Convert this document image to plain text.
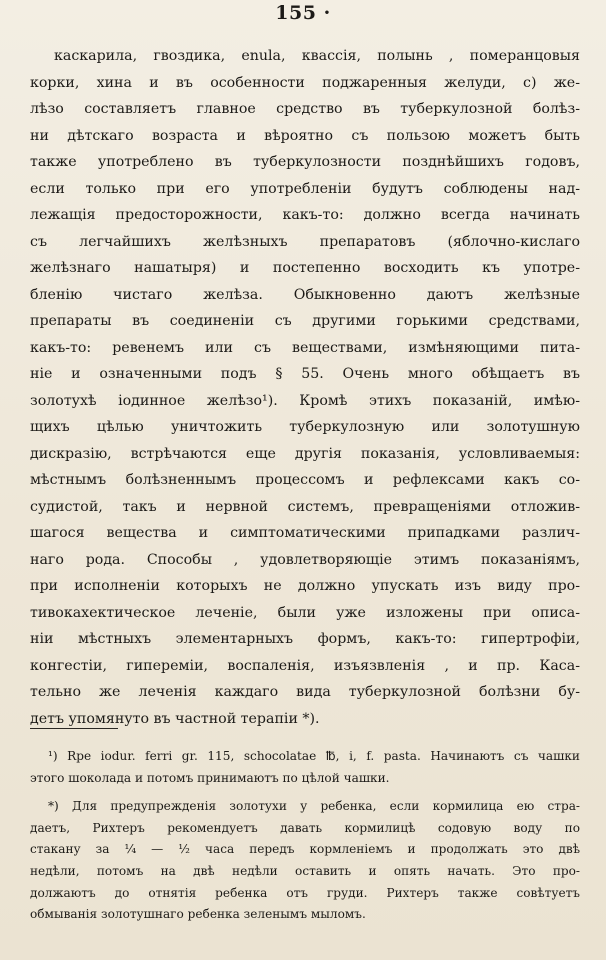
155 ·
каскарила, гвоздика, enula, квассія, полынь , померанцовыя
корки, хина и въ особенности поджаренныя желуди, с) же-
лѣзо составляетъ главное средство въ туберкулозной болѣз-
ни дѣтскаго возраста и вѣроятно съ пользою можетъ быть
также употреблено въ туберкулозности позднѣйшихъ годовъ,
если только при его употребленіи будутъ соблюдены над-
лежащія предосторожности, какъ-то: должно всегда начинать
съ легчайшихъ желѣзныхъ препаратовъ (яблочно-кислаго
желѣзнаго нашатыря) и постепенно восходить къ употре-
бленію чистаго желѣза. Обыкновенно даютъ желѣзные
препараты въ соединеніи съ другими горькими средствами,
какъ-то: ревенемъ или съ веществами, измѣняющими пита-
ніе и означенными подъ § 55. Очень много обѣщаетъ въ
золотухѣ іодинное желѣзо¹). Кромѣ этихъ показаній, имѣю-
щихъ цѣлью уничтожить туберкулозную или золотушную
дискразію, встрѣчаются еще другія показанія, условливаемыя:
мѣстнымъ болѣзненнымъ процессомъ и рефлексами какъ со-
судистой, такъ и нервной системъ, превращеніями отложив-
шагося вещества и симптоматическими припадками различ-
наго рода. Способы , удовлетворяющіе этимъ показаніямъ,
при исполненіи которыхъ не должно упускать изъ виду про-
тивокахектическое леченіе, были уже изложены при описа-
ніи мѣстныхъ элементарныхъ формъ, какъ-то: гипертрофіи,
конгестіи, гипереміи, воспаленія, изъязвленія , и пр. Каса-
тельно же леченія каждаго вида туберкулозной болѣзни бу-
детъ упомянуто въ частной терапіи *).
¹) Rpe iodur. ferri gr. 115, schocolatae ℔, i, f. pasta. Начинаютъ съ чашки
этого шоколада и потомъ принимаютъ по цѣлой чашки.
*) Для предупрежденія золотухи у ребенка, если кормилица ею стра-
даетъ, Рихтеръ рекомендуетъ давать кормилицѣ содовую воду по
стакану за ¼ — ½ часа передъ кормленіемъ и продолжать это двѣ
недѣли, потомъ на двѣ недѣли оставить и опять начать. Это про-
должаютъ до отнятія ребенка отъ груди. Рихтеръ также совѣтуетъ
обмыванія золотушнаго ребенка зеленымъ мыломъ.
